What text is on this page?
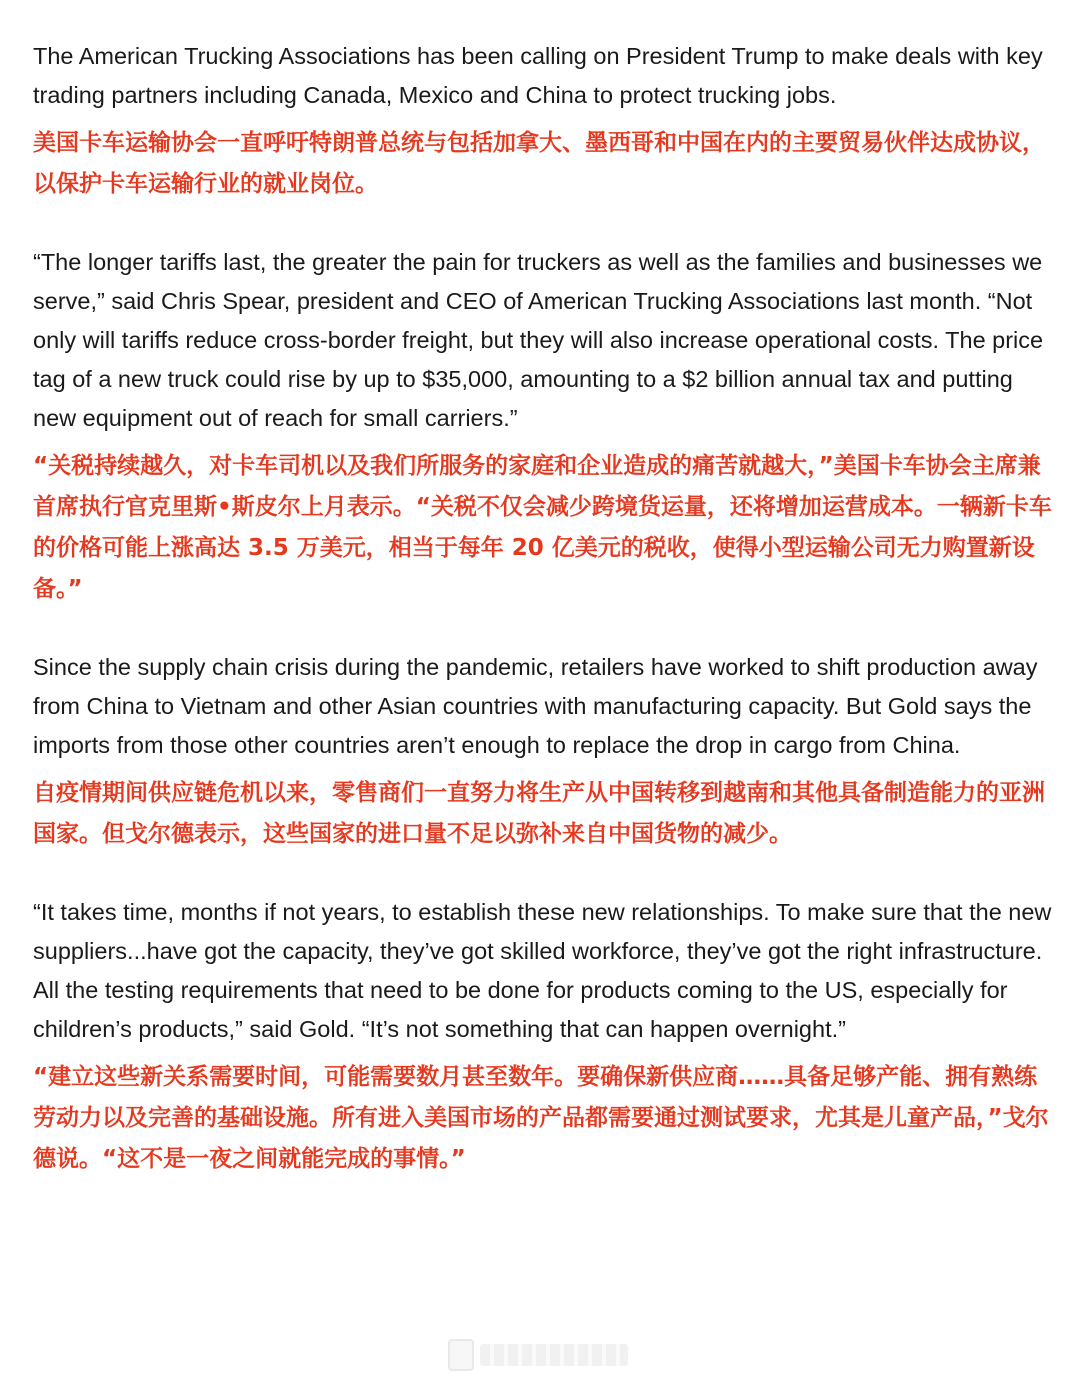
The American Trucking Associations has been calling on President Trump to make deals with key trading partners including Canada, Mexico and China to protect trucking jobs.

美国卡车运输协会一直呼吁特朗普总统与包括加拿大、墨西哥和中国在内的主要贸易伙伴达成协议，以保护卡车运输行业的就业岗位。

“The longer tariffs last, the greater the pain for truckers as well as the families and businesses we serve,” said Chris Spear, president and CEO of American Trucking Associations last month. “Not only will tariffs reduce cross-border freight, but they will also increase operational costs. The price tag of a new truck could rise by up to $35,000, amounting to a $2 billion annual tax and putting new equipment out of reach for small carriers.”

“关税持续越久，对卡车司机以及我们所服务的家庭和企业造成的痛苦就越大，”美国卡车协会主席兼首席执行官克里斯•斯皮尔上月表示。“关税不仅会减少跨境货运量，还将增加运营成本。一辆新卡车的价格可能上涨高达 3.5 万美元，相当于每年 20 亿美元的税收，使得小型运输公司无力购置新设备。”

Since the supply chain crisis during the pandemic, retailers have worked to shift production away from China to Vietnam and other Asian countries with manufacturing capacity. But Gold says the imports from those other countries aren’t enough to replace the drop in cargo from China.

自疫情期间供应链危机以来，零售商们一直努力将生产从中国转移到越南和其他具备制造能力的亚洲国家。但戈尔德表示，这些国家的进口量不足以弥补来自中国货物的减少。

“It takes time, months if not years, to establish these new relationships. To make sure that the new suppliers...have got the capacity, they’ve got skilled workforce, they’ve got the right infrastructure. All the testing requirements that need to be done for products coming to the US, especially for children’s products,” said Gold. “It’s not something that can happen overnight.”

“建立这些新关系需要时间，可能需要数月甚至数年。要确保新供应商……具备足够产能、拥有熟练劳动力以及完善的基础设施。所有进入美国市场的产品都需要通过测试要求，尤其是儿童产品，”戈尔德说。“这不是一夜之间就能完成的事情。”
